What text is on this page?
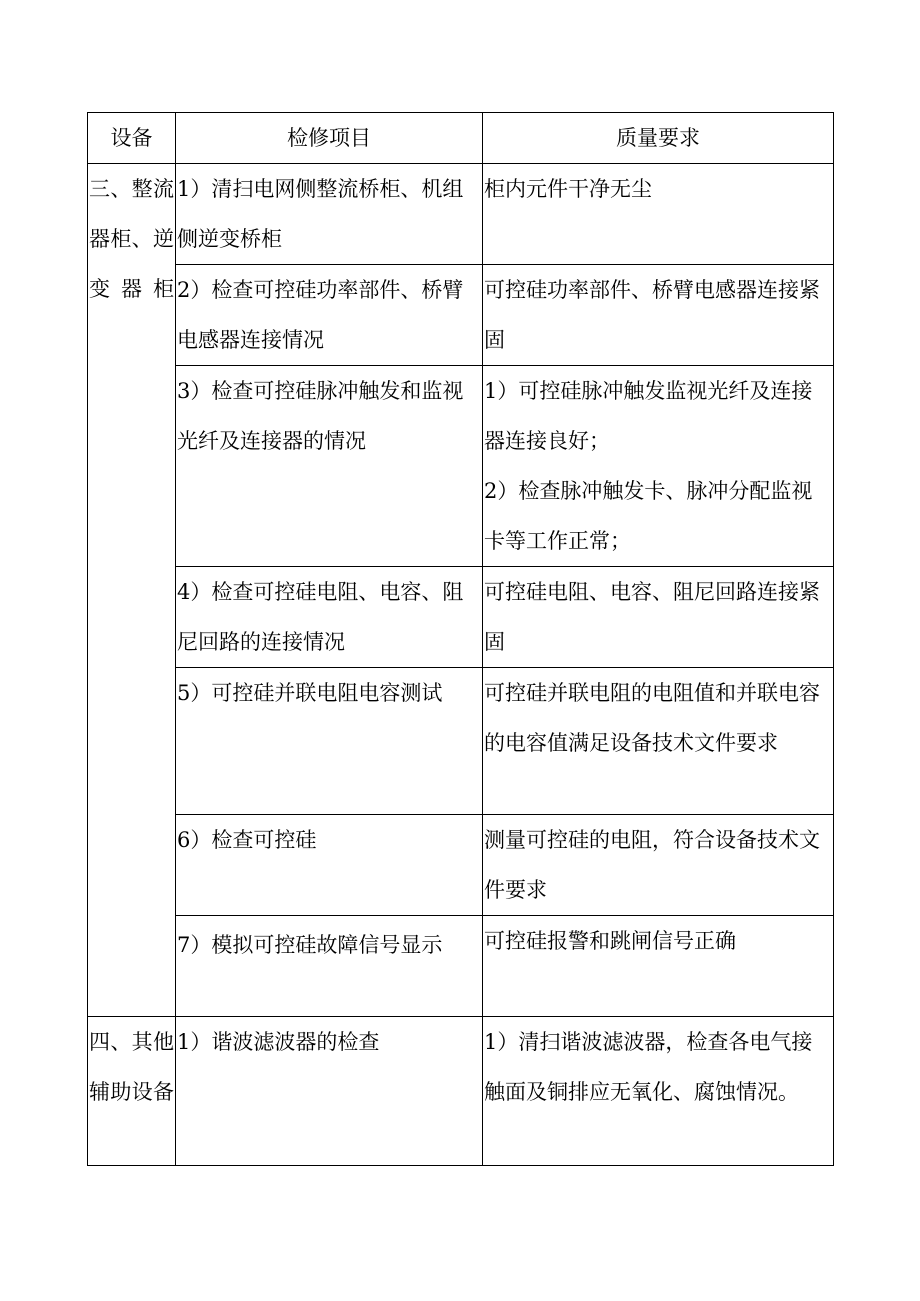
设备	检修项目	质量要求

三、整流器柜、逆变器柜	1）清扫电网侧整流桥柜、机组侧逆变桥柜	柜内元件干净无尘

	2）检查可控硅功率部件、桥臂电感器连接情况	可控硅功率部件、桥臂电感器连接紧固

	3）检查可控硅脉冲触发和监视光纤及连接器的情况	1）可控硅脉冲触发监视光纤及连接器连接良好；
2）检查脉冲触发卡、脉冲分配监视卡等工作正常；

	4）检查可控硅电阻、电容、阻尼回路的连接情况	可控硅电阻、电容、阻尼回路连接紧固

	5）可控硅并联电阻电容测试	可控硅并联电阻的电阻值和并联电容的电容值满足设备技术文件要求

	6）检查可控硅	测量可控硅的电阻，符合设备技术文件要求

	7）模拟可控硅故障信号显示	可控硅报警和跳闸信号正确

四、其他辅助设备	1）谐波滤波器的检查	1）清扫谐波滤波器，检查各电气接触面及铜排应无氧化、腐蚀情况。
